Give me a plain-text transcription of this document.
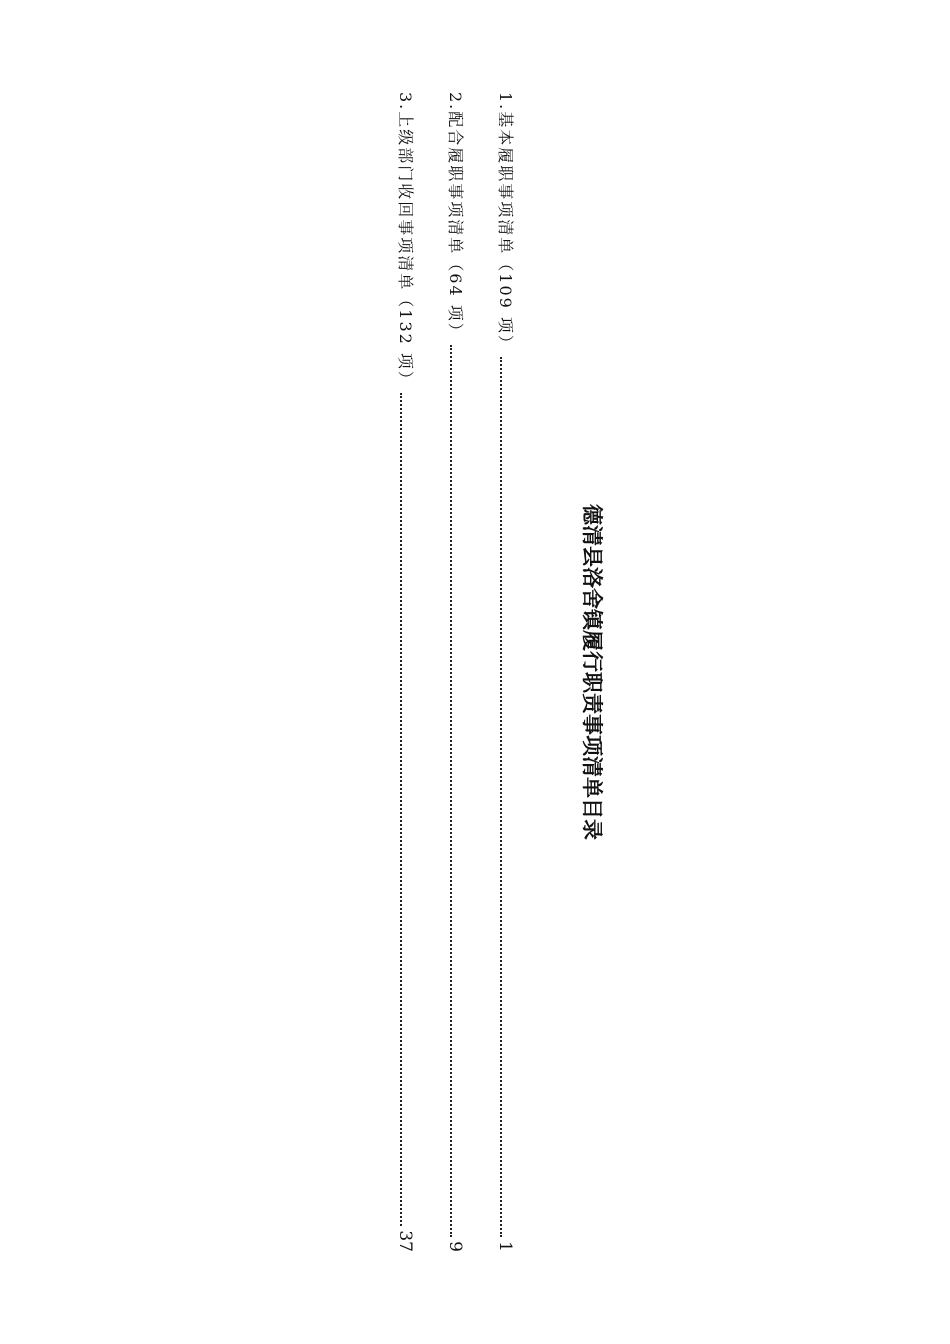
德清县洛舍镇履行职责事项清单目录
1.基本履职事项清单（109 项）
1
2.配合履职事项清单（64 项）
9
3.上级部门收回事项清单（132 项）
37
